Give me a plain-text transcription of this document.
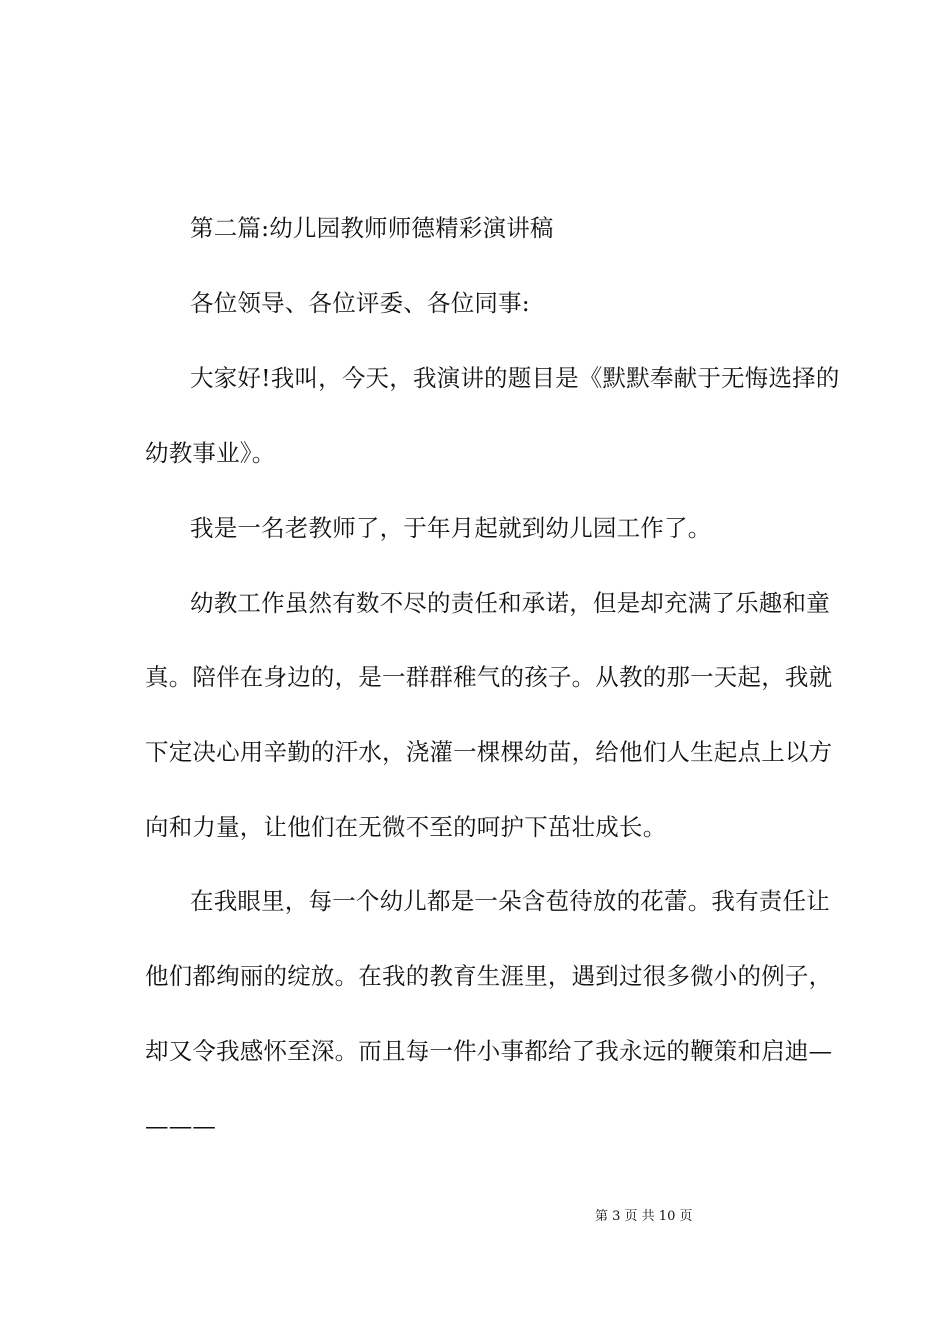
第二篇:幼儿园教师师德精彩演讲稿
各位领导、各位评委、各位同事:
大家好!我叫，今天，我演讲的题目是《默默奉献于无悔选择的
幼教事业》。
我是一名老教师了，于年月起就到幼儿园工作了。
幼教工作虽然有数不尽的责任和承诺，但是却充满了乐趣和童
真。陪伴在身边的，是一群群稚气的孩子。从教的那一天起，我就
下定决心用辛勤的汗水，浇灌一棵棵幼苗，给他们人生起点上以方
向和力量，让他们在无微不至的呵护下茁壮成长。
在我眼里，每一个幼儿都是一朵含苞待放的花蕾。我有责任让
他们都绚丽的绽放。在我的教育生涯里，遇到过很多微小的例子，
却又令我感怀至深。而且每一件小事都给了我永远的鞭策和启迪—
———
第 3 页 共 10 页
